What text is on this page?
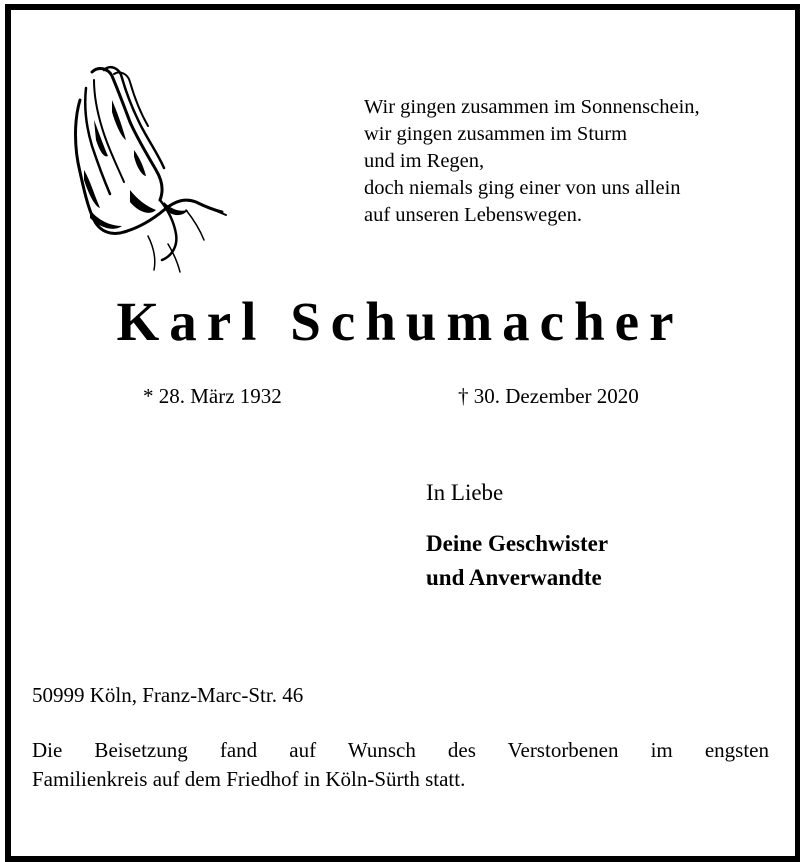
Wir gingen zusammen im Sonnenschein,
wir gingen zusammen im Sturm
und im Regen,
doch niemals ging einer von uns allein
auf unseren Lebenswegen.
Karl Schumacher
* 28. März 1932	† 30. Dezember 2020
In Liebe
Deine Geschwister
und Anverwandte
50999 Köln, Franz-Marc-Str. 46
Die Beisetzung fand auf Wunsch des Verstorbenen im engsten
Familienkreis auf dem Friedhof in Köln-Sürth statt.
